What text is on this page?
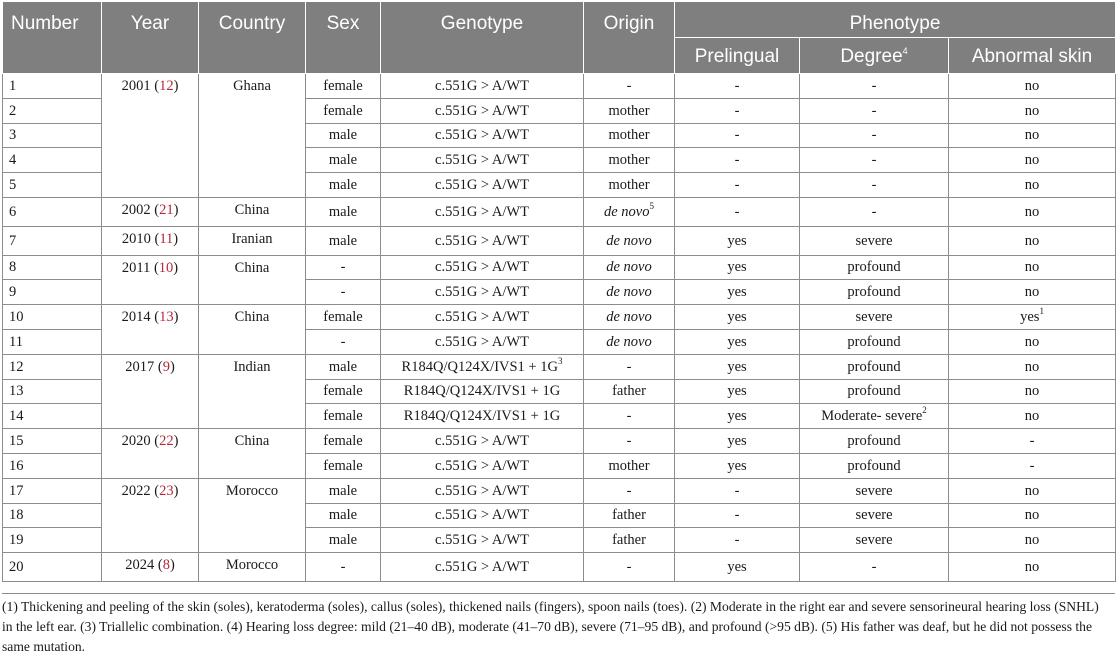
Number	Year	Country	Sex	Genotype	Origin	Phenotype		
						Prelingual	Degree$^4$	Abnormal skin
1	2001 (12)	Ghana	female	c.551G > A/WT	-	-	-	no
2			female	c.551G > A/WT	mother	-	-	no
3			male	c.551G > A/WT	mother	-	-	no
4			male	c.551G > A/WT	mother	-	-	no
5			male	c.551G > A/WT	mother	-	-	no
6	2002 (21)	China	male	c.551G > A/WT	de novo$^5$	-	-	no
7	2010 (11)	Iranian	male	c.551G > A/WT	de novo	yes	severe	no
8	2011 (10)	China	-	c.551G > A/WT	de novo	yes	profound	no
9			-	c.551G > A/WT	de novo	yes	profound	no
10	2014 (13)	China	female	c.551G > A/WT	de novo	yes	severe	yes$^1$
11			-	c.551G > A/WT	de novo	yes	profound	no
12	2017 (9)	Indian	male	$R184Q/Q124X/IVS1 + 1G^3$	-	yes	profound	no
13			female	R184Q/Q124X/IVS1 + 1G	father	yes	profound	no
14			female	R184Q/Q124X/IVS1 + 1G	-	yes	Moderate- severe$^2$	no
15	2020 (22)	China	female	c.551G > A/WT	-	yes	profound	-
16			female	c.551G > A/WT	mother	yes	profound	-
17	2022 (23)	Morocco	male	c.551G > A/WT	-	-	severe	no
18			male	c.551G > A/WT	father	-	severe	no
19			male	c.551G > A/WT	father	-	severe	no
20	2024 (8)	Morocco	-	c.551G > A/WT	-	yes	-	no
(1) Thickening and peeling of the skin (soles), keratoderma (soles), callus (soles), thickened nails (fingers), spoon nails (toes). (2) Moderate in the right ear and severe sensorineural hearing loss (SNHL) in the left ear. (3) Triallelic combination. (4) Hearing loss degree: mild (21–40 dB), moderate (41–70 dB), severe (71–95 dB), and profound (>95 dB). (5) His father was deaf, but he did not possess the same mutation.
